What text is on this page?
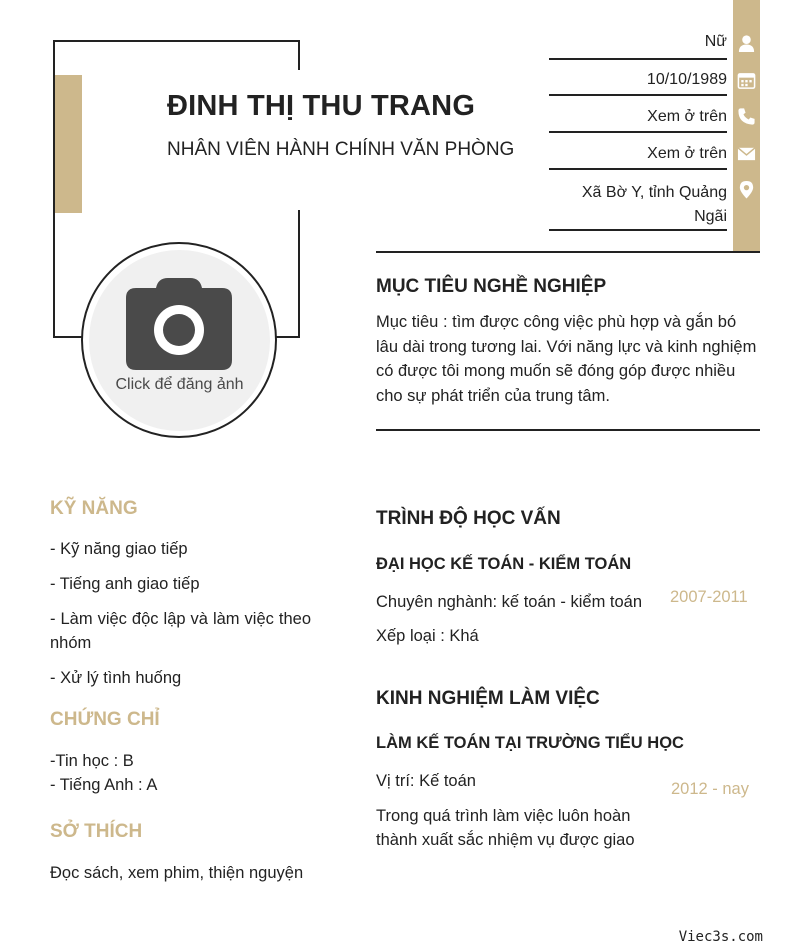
ĐINH THỊ THU TRANG
NHÂN VIÊN HÀNH CHÍNH VĂN PHÒNG
Click để đăng ảnh
Nữ
10/10/1989
Xem ở trên
Xem ở trên
Xã Bờ Y, tỉnh Quảng Ngãi
MỤC TIÊU NGHỀ NGHIỆP
Mục tiêu : tìm được công việc phù hợp và gắn bó lâu dài trong tương lai. Với năng lực và kinh nghiệm có được tôi mong muốn sẽ đóng góp được nhiều cho sự phát triển của trung tâm.
KỸ NĂNG
- Kỹ năng giao tiếp
- Tiếng anh giao tiếp
- Làm việc độc lập và làm việc theo nhóm
- Xử lý tình huống
CHỨNG CHỈ
-Tin học : B
- Tiếng Anh : A
SỞ THÍCH
Đọc sách, xem phim, thiện nguyện
TRÌNH ĐỘ HỌC VẤN
ĐẠI HỌC KẾ TOÁN - KIỂM TOÁN
2007-2011
Chuyên nghành: kế toán - kiểm toán
Xếp loại : Khá
KINH NGHIỆM LÀM VIỆC
LÀM KẾ TOÁN TẠI TRƯỜNG TIỂU HỌC
2012 - nay
Vị trí: Kế toán
Trong quá trình làm việc luôn hoàn thành xuất sắc nhiệm vụ được giao
Viec3s.com
